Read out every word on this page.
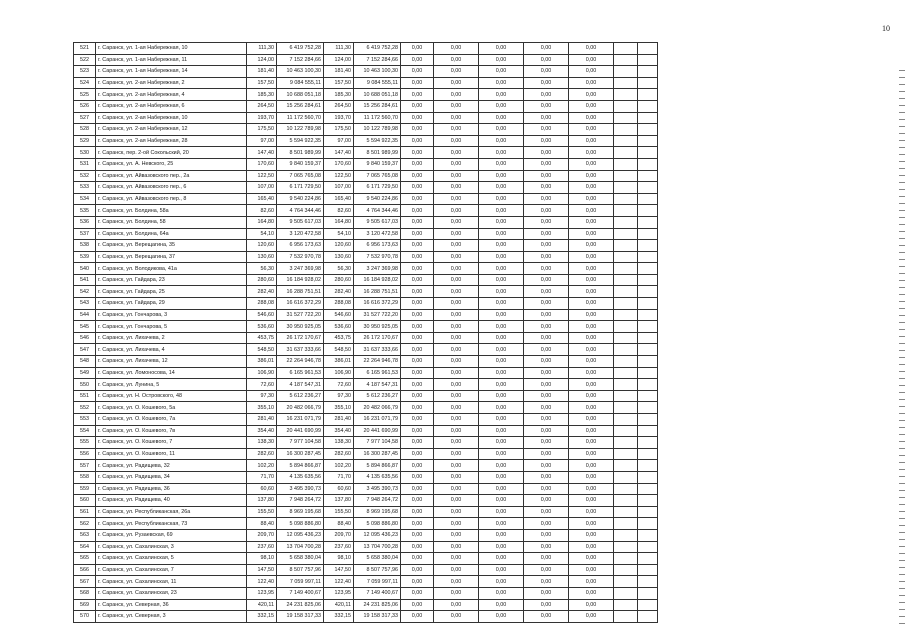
10
521	г. Саранск, ул. 1-ая Набережная, 10	111,30	6 419 752,28	111,30	6 419 752,28	0,00	0,00	0,00	0,00	0,00		
522	г. Саранск, ул. 1-ая Набережная, 11	124,00	7 152 284,66	124,00	7 152 284,66	0,00	0,00	0,00	0,00	0,00		
523	г. Саранск, ул. 1-ая Набережная, 14	181,40	10 463 100,30	181,40	10 463 100,30	0,00	0,00	0,00	0,00	0,00		
524	г. Саранск, ул. 2-ая Набережная, 2	157,50	9 084 555,11	157,50	9 084 555,11	0,00	0,00	0,00	0,00	0,00		
525	г. Саранск, ул. 2-ая Набережная, 4	185,30	10 688 051,18	185,30	10 688 051,18	0,00	0,00	0,00	0,00	0,00		
526	г. Саранск, ул. 2-ая Набережная, 6	264,50	15 256 284,61	264,50	15 256 284,61	0,00	0,00	0,00	0,00	0,00		
527	г. Саранск, ул. 2-ая Набережная, 10	193,70	11 172 560,70	193,70	11 172 560,70	0,00	0,00	0,00	0,00	0,00		
528	г. Саранск, ул. 2-ая Набережная, 12	175,50	10 122 789,98	175,50	10 122 789,98	0,00	0,00	0,00	0,00	0,00		
529	г. Саранск, ул. 2-ая Набережная, 28	97,00	5 594 922,35	97,00	5 594 922,35	0,00	0,00	0,00	0,00	0,00		
530	г. Саранск, пер. 2-ой Сокольский, 20	147,40	8 501 989,99	147,40	8 501 989,99	0,00	0,00	0,00	0,00	0,00		
531	г. Саранск, ул. А. Невского, 25	170,60	9 840 159,37	170,60	9 840 159,37	0,00	0,00	0,00	0,00	0,00		
532	г. Саранск, ул. Айвазовского пер., 2а	122,50	7 065 765,08	122,50	7 065 765,08	0,00	0,00	0,00	0,00	0,00		
533	г. Саранск, ул. Айвазовского пер., 6	107,00	6 171 729,50	107,00	6 171 729,50	0,00	0,00	0,00	0,00	0,00		
534	г. Саранск, ул. Айвазовского пер., 8	165,40	9 540 224,86	165,40	9 540 224,86	0,00	0,00	0,00	0,00	0,00		
535	г. Саранск, ул. Болдина, 58а	82,60	4 764 344,46	82,60	4 764 344,46	0,00	0,00	0,00	0,00	0,00		
536	г. Саранск, ул. Болдина, 58	164,80	9 505 617,03	164,80	9 505 617,03	0,00	0,00	0,00	0,00	0,00		
537	г. Саранск, ул. Болдина, 64а	54,10	3 120 472,58	54,10	3 120 472,58	0,00	0,00	0,00	0,00	0,00		
538	г. Саранск, ул. Верещагина, 35	120,60	6 956 173,63	120,60	6 956 173,63	0,00	0,00	0,00	0,00	0,00		
539	г. Саранск, ул. Верещагина, 37	130,60	7 532 970,78	130,60	7 532 970,78	0,00	0,00	0,00	0,00	0,00		
540	г. Саранск, ул. Володикова, 41а	56,30	3 247 369,98	56,30	3 247 369,98	0,00	0,00	0,00	0,00	0,00		
541	г. Саранск, ул. Гайдара, 23	280,60	16 184 928,02	280,60	16 184 928,02	0,00	0,00	0,00	0,00	0,00		
542	г. Саранск, ул. Гайдара, 25	282,40	16 288 751,51	282,40	16 288 751,51	0,00	0,00	0,00	0,00	0,00		
543	г. Саранск, ул. Гайдара, 29	288,08	16 616 372,29	288,08	16 616 372,29	0,00	0,00	0,00	0,00	0,00		
544	г. Саранск, ул. Гончарова, 3	546,60	31 527 722,20	546,60	31 527 722,20	0,00	0,00	0,00	0,00	0,00		
545	г. Саранск, ул. Гончарова, 5	536,60	30 950 925,05	536,60	30 950 925,05	0,00	0,00	0,00	0,00	0,00		
546	г. Саранск, ул. Лихачева, 2	453,75	26 172 170,67	453,75	26 172 170,67	0,00	0,00	0,00	0,00	0,00		
547	г. Саранск, ул. Лихачева, 4	548,50	31 637 333,66	548,50	31 637 333,66	0,00	0,00	0,00	0,00	0,00		
548	г. Саранск, ул. Лихачева, 12	386,01	22 264 946,78	386,01	22 264 946,78	0,00	0,00	0,00	0,00	0,00		
549	г. Саранск, ул. Ломоносова, 14	106,90	6 165 961,53	106,90	6 165 961,53	0,00	0,00	0,00	0,00	0,00		
550	г. Саранск, ул. Лунина, 5	72,60	4 187 547,31	72,60	4 187 547,31	0,00	0,00	0,00	0,00	0,00		
551	г. Саранск, ул. Н. Островского, 48	97,30	5 612 236,27	97,30	5 612 236,27	0,00	0,00	0,00	0,00	0,00		
552	г. Саранск, ул. О. Кошевого, 5а	355,10	20 482 066,79	355,10	20 482 066,79	0,00	0,00	0,00	0,00	0,00		
553	г. Саранск, ул. О. Кошевого, 7а	281,40	16 231 071,79	281,40	16 231 071,79	0,00	0,00	0,00	0,00	0,00		
554	г. Саранск, ул. О. Кошевого, 7в	354,40	20 441 690,99	354,40	20 441 690,99	0,00	0,00	0,00	0,00	0,00		
555	г. Саранск, ул. О. Кошевого, 7	138,30	7 977 104,58	138,30	7 977 104,58	0,00	0,00	0,00	0,00	0,00		
556	г. Саранск, ул. О. Кошевого, 11	282,60	16 300 287,45	282,60	16 300 287,45	0,00	0,00	0,00	0,00	0,00		
557	г. Саранск, ул. Радищева, 32	102,20	5 894 866,87	102,20	5 894 866,87	0,00	0,00	0,00	0,00	0,00		
558	г. Саранск, ул. Радищева, 34	71,70	4 135 635,56	71,70	4 135 635,56	0,00	0,00	0,00	0,00	0,00		
559	г. Саранск, ул. Радищева, 36	60,60	3 495 390,73	60,60	3 495 390,73	0,00	0,00	0,00	0,00	0,00		
560	г. Саранск, ул. Радищева, 40	137,80	7 948 264,72	137,80	7 948 264,72	0,00	0,00	0,00	0,00	0,00		
561	г. Саранск, ул. Республиканская, 26а	155,50	8 969 195,68	155,50	8 969 195,68	0,00	0,00	0,00	0,00	0,00		
562	г. Саранск, ул. Республиканская, 73	88,40	5 098 886,80	88,40	5 098 886,80	0,00	0,00	0,00	0,00	0,00		
563	г. Саранск, ул. Рузаевская, 69	209,70	12 095 436,23	209,70	12 095 436,23	0,00	0,00	0,00	0,00	0,00		
564	г. Саранск, ул. Сахалинская, 3	237,60	13 704 700,28	237,60	13 704 700,28	0,00	0,00	0,00	0,00	0,00		
565	г. Саранск, ул. Сахалинская, 5	98,10	5 658 380,04	98,10	5 658 380,04	0,00	0,00	0,00	0,00	0,00		
566	г. Саранск, ул. Сахалинская, 7	147,50	8 507 757,96	147,50	8 507 757,96	0,00	0,00	0,00	0,00	0,00		
567	г. Саранск, ул. Сахалинская, 11	122,40	7 059 997,11	122,40	7 059 997,11	0,00	0,00	0,00	0,00	0,00		
568	г. Саранск, ул. Сахалинская, 23	123,95	7 149 400,67	123,95	7 149 400,67	0,00	0,00	0,00	0,00	0,00		
569	г. Саранск, ул. Северная, 36	420,11	24 231 825,06	420,11	24 231 825,06	0,00	0,00	0,00	0,00	0,00		
570	г. Саранск, ул. Северная, 3	332,15	19 158 317,33	332,15	19 158 317,33	0,00	0,00	0,00	0,00	0,00		
